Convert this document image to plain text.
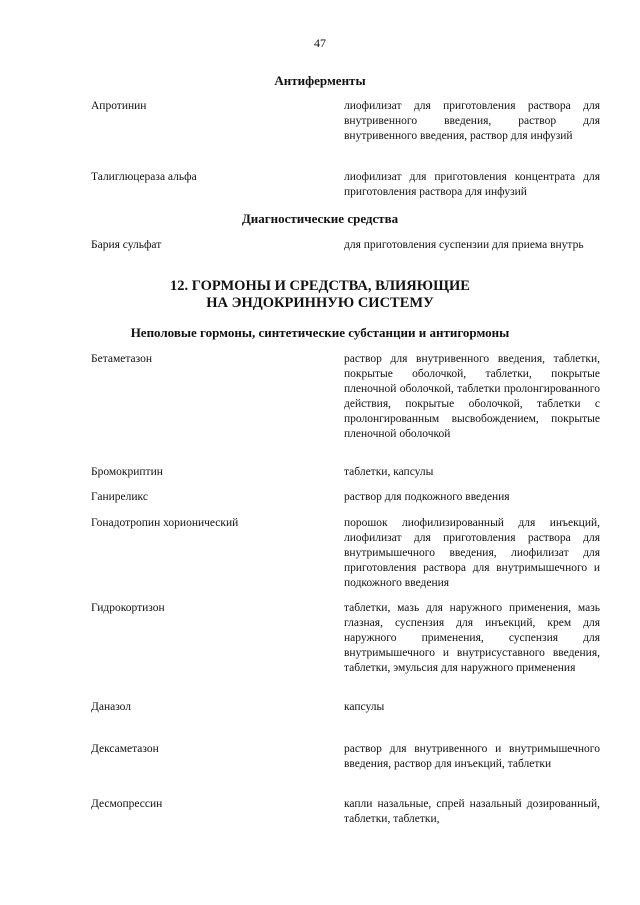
47
Антиферменты
Апротинин	лиофилизат для приготовления раствора для внутривенного введения, раствор для внутривенного введения, раствор для инфузий
Талиглюцераза альфа	лиофилизат для приготовления концентрата для приготовления раствора для инфузий
Диагностические средства
Бария сульфат	для приготовления суспензии для приема внутрь
12. ГОРМОНЫ И СРЕДСТВА, ВЛИЯЮЩИЕ
НА ЭНДОКРИННУЮ СИСТЕМУ
Неполовые гормоны, синтетические субстанции и антигормоны
Бетаметазон	раствор для внутривенного введения, таблетки, покрытые оболочкой, таблетки, покрытые пленочной оболочкой, таблетки пролонгированного действия, покрытые оболочкой, таблетки с пролонгированным высвобождением, покрытые пленочной оболочкой
Бромокриптин	таблетки, капсулы
Ганиреликс	раствор для подкожного введения
Гонадотропин хорионический	порошок лиофилизированный для инъекций, лиофилизат для приготовления раствора для внутримышечного введения, лиофилизат для приготовления раствора для внутримышечного и подкожного введения
Гидрокортизон	таблетки, мазь для наружного применения, мазь глазная, суспензия для инъекций, крем для наружного применения, суспензия для внутримышечного и внутрисуставного введения, таблетки, эмульсия для наружного применения
Даназол	капсулы
Дексаметазон	раствор для внутривенного и внутримышечного введения, раствор для инъекций, таблетки
Десмопрессин	капли назальные, спрей назальный дозированный, таблетки, таблетки,
